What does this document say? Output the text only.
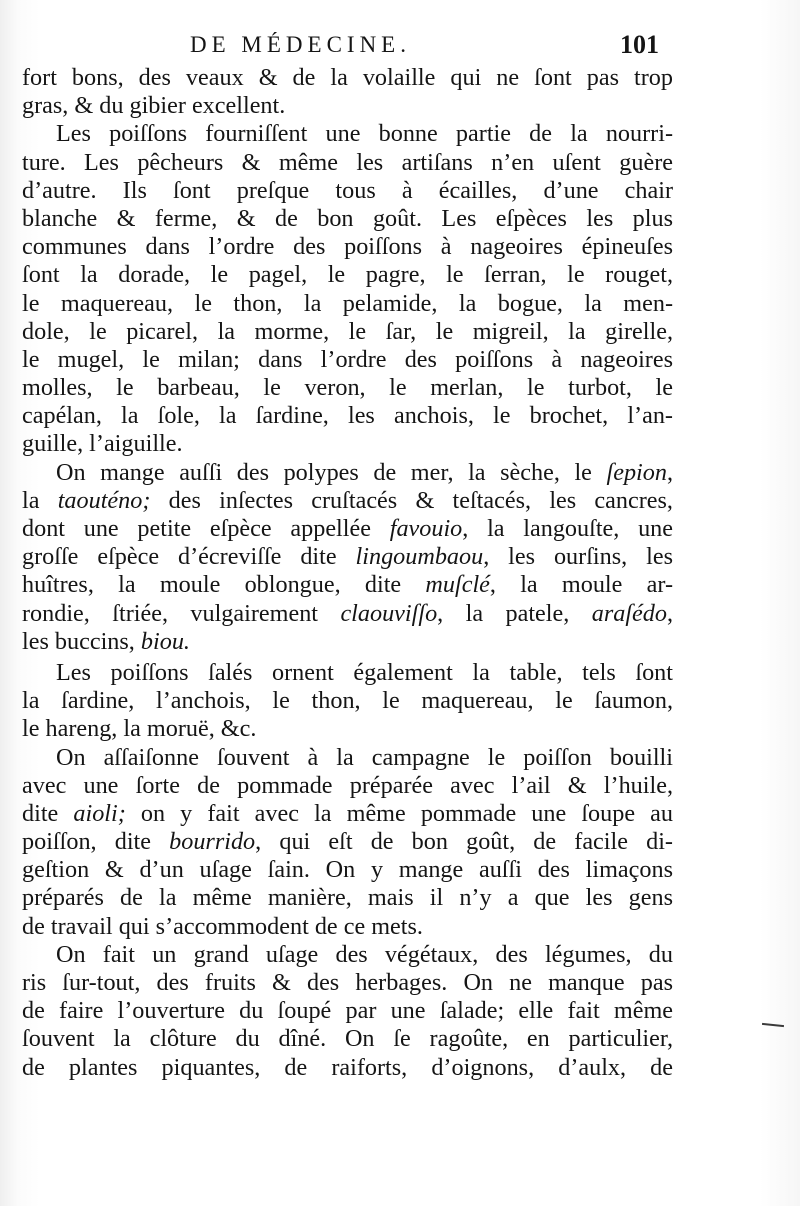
DE MÉDECINE.	101
fort bons, des veaux & de la volaille qui ne ſont pas trop
gras, & du gibier excellent.
Les poiſſons fourniſſent une bonne partie de la nourri-
ture. Les pêcheurs & même les artiſans n’en uſent guère
d’autre. Ils ſont preſque tous à écailles, d’une chair
blanche & ferme, & de bon goût. Les eſpèces les plus
communes dans l’ordre des poiſſons à nageoires épineuſes
ſont la dorade, le pagel, le pagre, le ſerran, le rouget,
le maquereau, le thon, la pelamide, la bogue, la men-
dole, le picarel, la morme, le ſar, le migreil, la girelle,
le mugel, le milan; dans l’ordre des poiſſons à nageoires
molles, le barbeau, le veron, le merlan, le turbot, le
capélan, la ſole, la ſardine, les anchois, le brochet, l’an-
guille, l’aiguille.
On mange auſſi des polypes de mer, la sèche, le ſepion,
la taouténo; des inſectes cruſtacés & teſtacés, les cancres,
dont une petite eſpèce appellée favouio, la langouſte, une
groſſe eſpèce d’écreviſſe dite lingoumbaou, les ourſins, les
huîtres, la moule oblongue, dite muſclé, la moule ar-
rondie, ſtriée, vulgairement claouviſſo, la patele, araſédo,
les buccins, biou.
Les poiſſons ſalés ornent également la table, tels ſont
la ſardine, l’anchois, le thon, le maquereau, le ſaumon,
le hareng, la moruë, &c.
On aſſaiſonne ſouvent à la campagne le poiſſon bouilli
avec une ſorte de pommade préparée avec l’ail & l’huile,
dite aioli; on y fait avec la même pommade une ſoupe au
poiſſon, dite bourrido, qui eſt de bon goût, de facile di-
geſtion & d’un uſage ſain. On y mange auſſi des limaçons
préparés de la même manière, mais il n’y a que les gens
de travail qui s’accommodent de ce mets.
On fait un grand uſage des végétaux, des légumes, du
ris ſur-tout, des fruits & des herbages. On ne manque pas
de faire l’ouverture du ſoupé par une ſalade; elle fait même
ſouvent la clôture du dîné. On ſe ragoûte, en particulier,
de plantes piquantes, de raiforts, d’oignons, d’aulx, de
